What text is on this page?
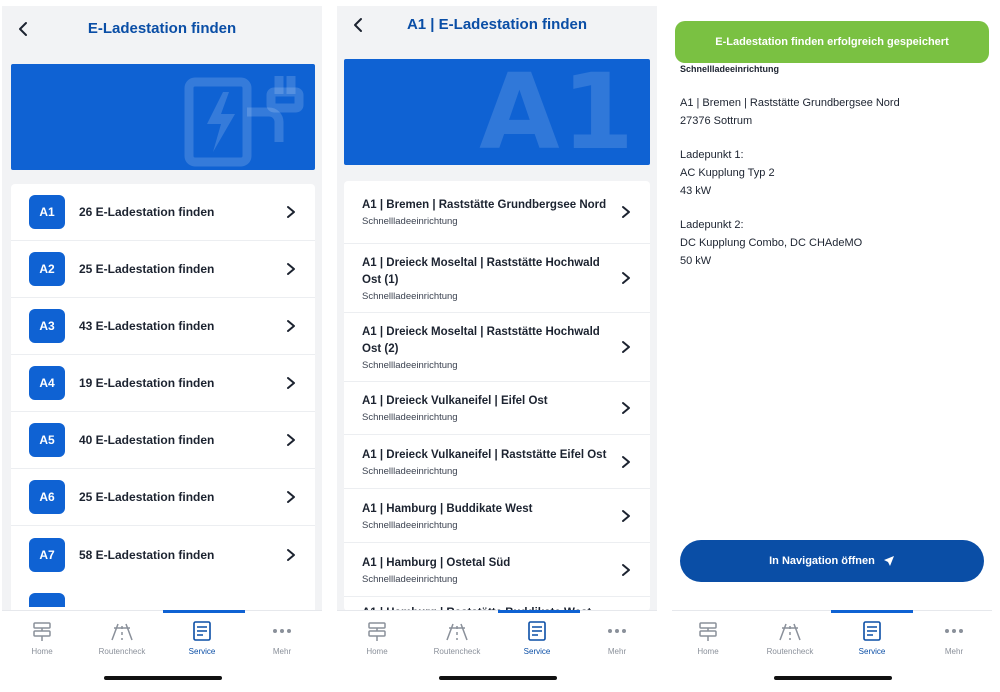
E-Ladestation finden
A1	26 E-Ladestation finden
A2	25 E-Ladestation finden
A3	43 E-Ladestation finden
A4	19 E-Ladestation finden
A5	40 E-Ladestation finden
A6	25 E-Ladestation finden
A7	58 E-Ladestation finden
Home	Routencheck	Service	Mehr
A1 | E-Ladestation finden
A1
A1 | Bremen | Raststätte Grundbergsee Nord
Schnellladeeinrichtung
A1 | Dreieck Moseltal | Raststätte Hochwald Ost (1)
Schnellladeeinrichtung
A1 | Dreieck Moseltal | Raststätte Hochwald Ost (2)
Schnellladeeinrichtung
A1 | Dreieck Vulkaneifel | Eifel Ost
Schnellladeeinrichtung
A1 | Dreieck Vulkaneifel | Raststätte Eifel Ost
Schnellladeeinrichtung
A1 | Hamburg | Buddikate West
Schnellladeeinrichtung
A1 | Hamburg | Ostetal Süd
Schnellladeeinrichtung
Home	Routencheck	Service	Mehr
E-Ladestation finden erfolgreich gespeichert
Schnellladeeinrichtung
A1 | Bremen | Raststätte Grundbergsee Nord
27376 Sottrum
Ladepunkt 1:
AC Kupplung Typ 2
43 kW
Ladepunkt 2:
DC Kupplung Combo, DC CHAdeMO
50 kW
In Navigation öffnen
Home	Routencheck	Service	Mehr
